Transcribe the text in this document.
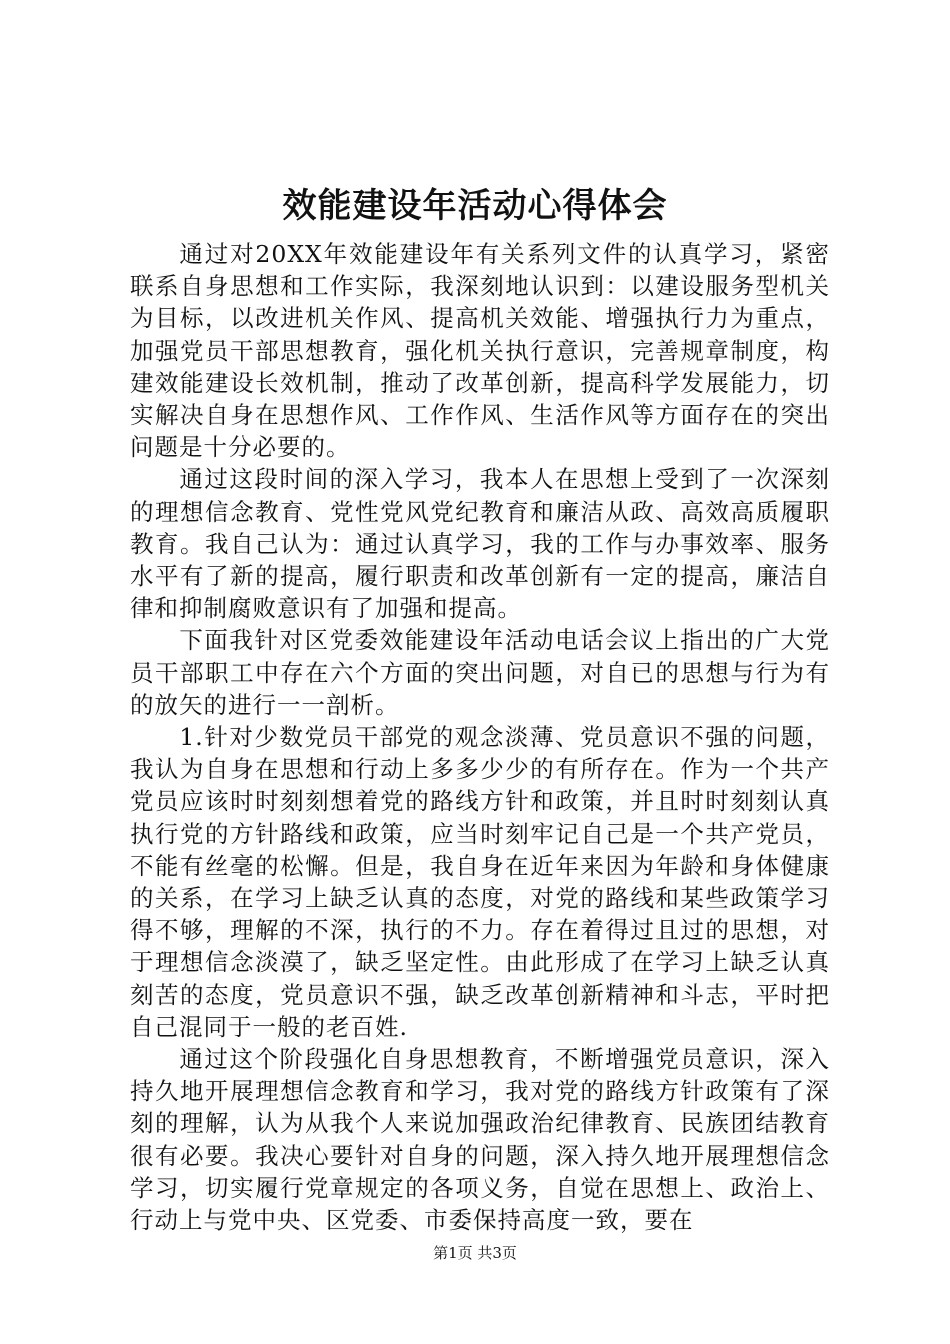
效能建设年活动心得体会

通过对20XX年效能建设年有关系列文件的认真学习，紧密联系自身思想和工作实际，我深刻地认识到：以建设服务型机关为目标，以改进机关作风、提高机关效能、增强执行力为重点，加强党员干部思想教育，强化机关执行意识，完善规章制度，构建效能建设长效机制，推动了改革创新，提高科学发展能力，切实解决自身在思想作风、工作作风、生活作风等方面存在的突出问题是十分必要的。

通过这段时间的深入学习，我本人在思想上受到了一次深刻的理想信念教育、党性党风党纪教育和廉洁从政、高效高质履职教育。我自己认为：通过认真学习，我的工作与办事效率、服务水平有了新的提高，履行职责和改革创新有一定的提高，廉洁自律和抑制腐败意识有了加强和提高。

下面我针对区党委效能建设年活动电话会议上指出的广大党员干部职工中存在六个方面的突出问题，对自已的思想与行为有的放矢的进行一一剖析。

1.针对少数党员干部党的观念淡薄、党员意识不强的问题，我认为自身在思想和行动上多多少少的有所存在。作为一个共产党员应该时时刻刻想着党的路线方针和政策，并且时时刻刻认真执行党的方针路线和政策，应当时刻牢记自己是一个共产党员，不能有丝毫的松懈。但是，我自身在近年来因为年龄和身体健康的关系，在学习上缺乏认真的态度，对党的路线和某些政策学习得不够，理解的不深，执行的不力。存在着得过且过的思想，对于理想信念淡漠了，缺乏坚定性。由此形成了在学习上缺乏认真刻苦的态度，党员意识不强，缺乏改革创新精神和斗志，平时把自己混同于一般的老百姓.

通过这个阶段强化自身思想教育，不断增强党员意识，深入持久地开展理想信念教育和学习，我对党的路线方针政策有了深刻的理解，认为从我个人来说加强政治纪律教育、民族团结教育很有必要。我决心要针对自身的问题，深入持久地开展理想信念学习，切实履行党章规定的各项义务，自觉在思想上、政治上、行动上与党中央、区党委、市委保持高度一致，要在

第1页 共3页
